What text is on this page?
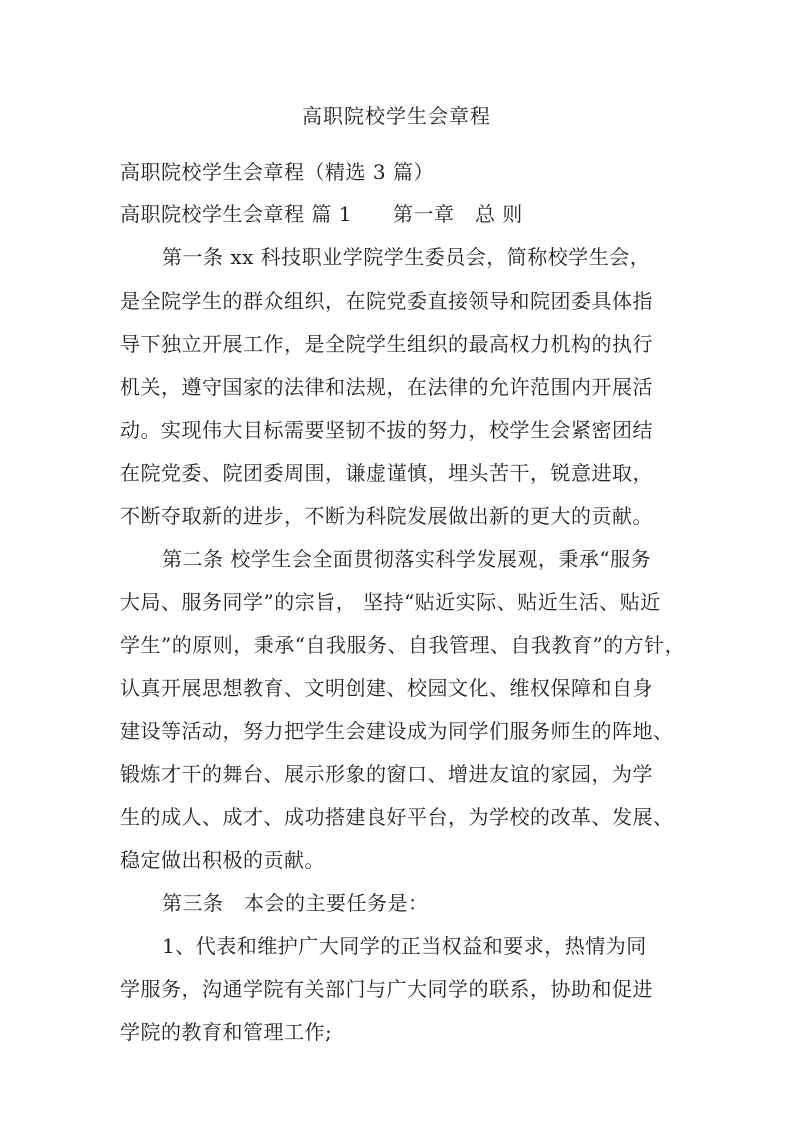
高职院校学生会章程
高职院校学生会章程（精选 3 篇）
高职院校学生会章程 篇 1　　第一章　总 则
第一条 xx 科技职业学院学生委员会，简称校学生会，
是全院学生的群众组织，在院党委直接领导和院团委具体指
导下独立开展工作，是全院学生组织的最高权力机构的执行
机关，遵守国家的法律和法规，在法律的允许范围内开展活
动。实现伟大目标需要坚韧不拔的努力，校学生会紧密团结
在院党委、院团委周围，谦虚谨慎，埋头苦干，锐意进取，
不断夺取新的进步，不断为科院发展做出新的更大的贡献。
第二条 校学生会全面贯彻落实科学发展观，秉承“服务
大局、服务同学”的宗旨， 坚持“贴近实际、贴近生活、贴近
学生”的原则，秉承“自我服务、自我管理、自我教育”的方针，
认真开展思想教育、文明创建、校园文化、维权保障和自身
建设等活动，努力把学生会建设成为同学们服务师生的阵地、
锻炼才干的舞台、展示形象的窗口、增进友谊的家园，为学
生的成人、成才、成功搭建良好平台，为学校的改革、发展、
稳定做出积极的贡献。
第三条　本会的主要任务是：
1、代表和维护广大同学的正当权益和要求，热情为同
学服务，沟通学院有关部门与广大同学的联系，协助和促进
学院的教育和管理工作;
